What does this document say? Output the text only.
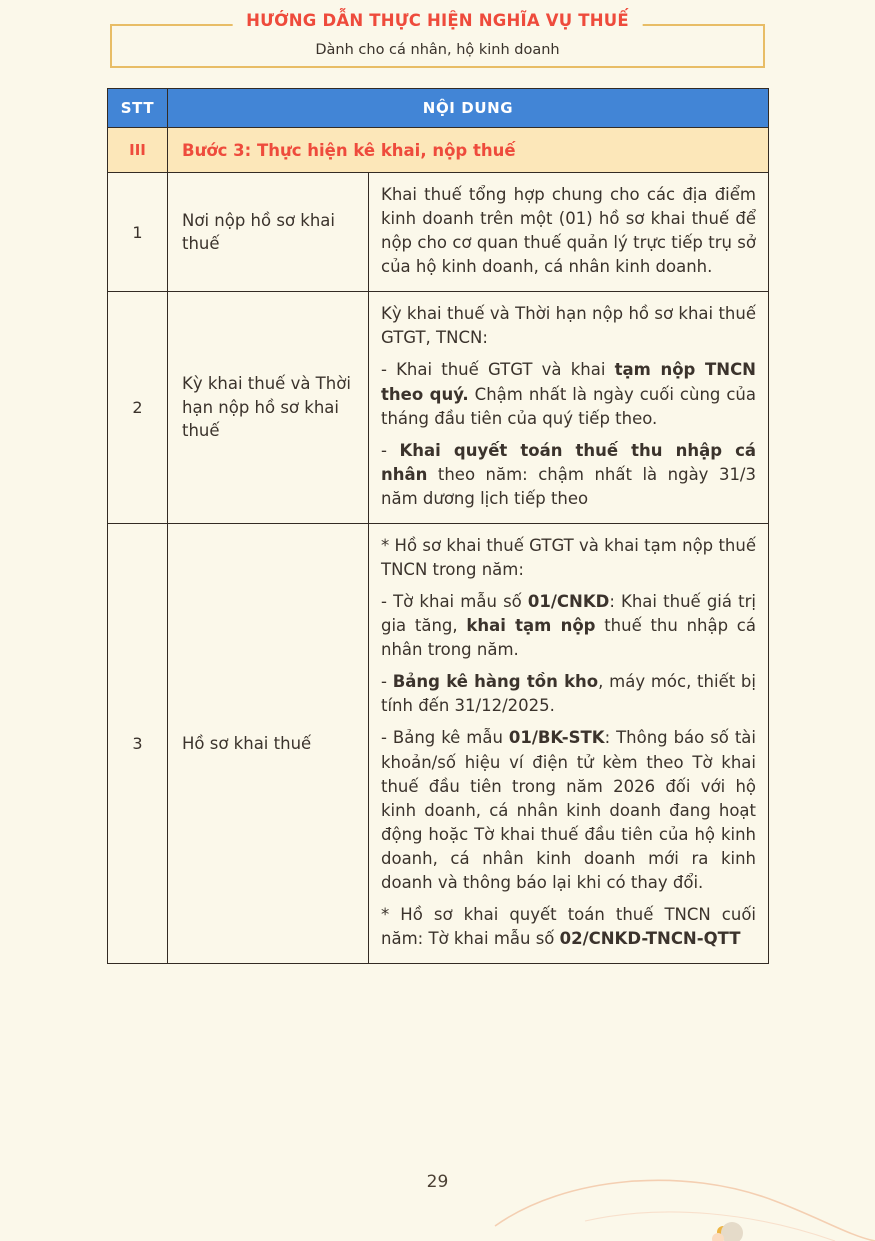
HƯỚNG DẪN THỰC HIỆN NGHĨA VỤ THUẾ
Dành cho cá nhân, hộ kinh doanh
STT	NỘI DUNG	
III	Bước 3: Thực hiện kê khai, nộp thuế	
1	Nơi nộp hồ sơ khai thuế	Khai thuế tổng hợp chung cho các địa điểm kinh doanh trên một (01) hồ sơ khai thuế để nộp cho cơ quan thuế quản lý trực tiếp trụ sở của hộ kinh doanh, cá nhân kinh doanh.

2	Kỳ khai thuế và Thời hạn nộp hồ sơ khai thuế	Kỳ khai thuế và Thời hạn nộp hồ sơ khai thuế GTGT, TNCN:

- Khai thuế GTGT và khai tạm nộp TNCN theo quý. Chậm nhất là ngày cuối cùng của tháng đầu tiên của quý tiếp theo.

- Khai quyết toán thuế thu nhập cá nhân theo năm: chậm nhất là ngày 31/3 năm dương lịch tiếp theo

3	Hồ sơ khai thuế	* Hồ sơ khai thuế GTGT và khai tạm nộp thuế TNCN trong năm:

- Tờ khai mẫu số 01/CNKD: Khai thuế giá trị gia tăng, khai tạm nộp thuế thu nhập cá nhân trong năm.

- Bảng kê hàng tồn kho, máy móc, thiết bị tính đến 31/12/2025.

- Bảng kê mẫu 01/BK-STK: Thông báo số tài khoản/số hiệu ví điện tử kèm theo Tờ khai thuế đầu tiên trong năm 2026 đối với hộ kinh doanh, cá nhân kinh doanh đang hoạt động hoặc Tờ khai thuế đầu tiên của hộ kinh doanh, cá nhân kinh doanh mới ra kinh doanh và thông báo lại khi có thay đổi.

* Hồ sơ khai quyết toán thuế TNCN cuối năm: Tờ khai mẫu số 02/CNKD-TNCN-QTT

29
